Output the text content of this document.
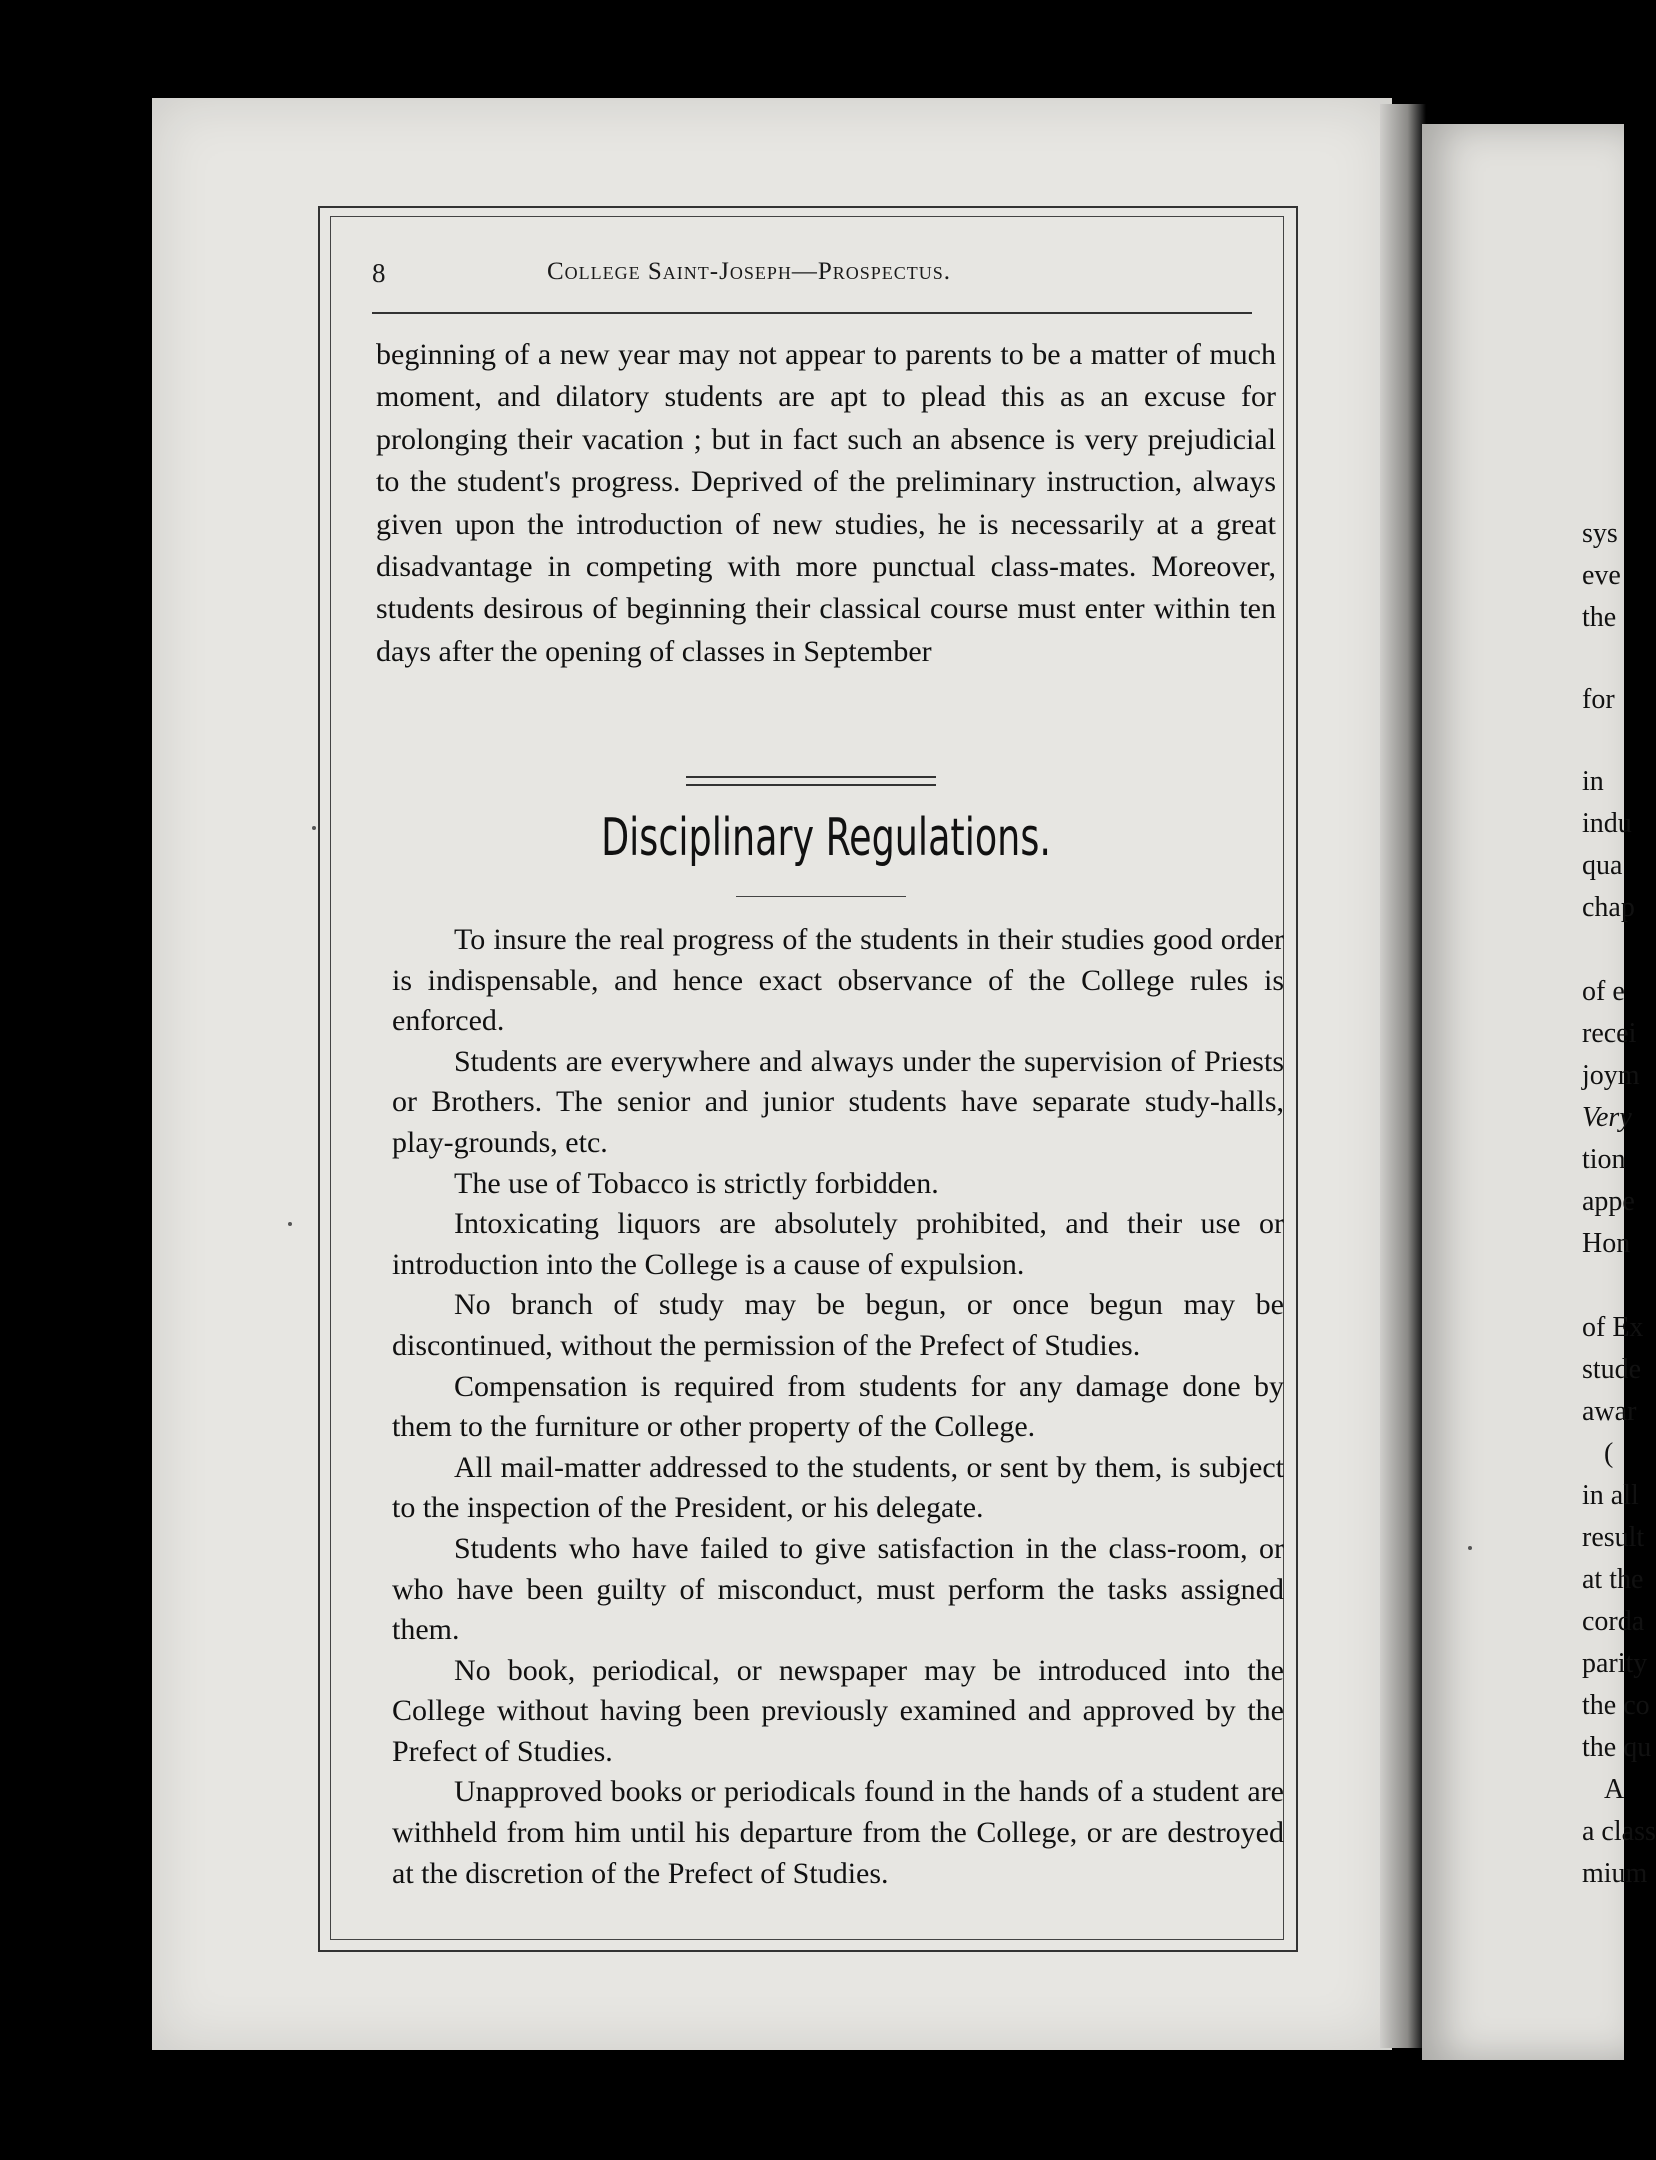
8	College Saint-Joseph—Prospectus.
beginning of a new year may not appear to parents to be a matter of much moment, and dilatory students are apt to plead this as an excuse for prolonging their vacation ; but in fact such an absence is very prejudicial to the student's progress. Deprived of the preliminary instruction, always given upon the introduction of new studies, he is necessarily at a great disadvantage in competing with more punctual class-mates. Moreover, students desirous of beginning their classical course must enter within ten days after the opening of classes in September
Disciplinary Regulations.

To insure the real progress of the students in their studies good order is indispensable, and hence exact observance of the College rules is enforced.

Students are everywhere and always under the supervision of Priests or Brothers. The senior and junior students have separate study-halls, play-grounds, etc.

The use of Tobacco is strictly forbidden.

Intoxicating liquors are absolutely prohibited, and their use or introduction into the College is a cause of expulsion.

No branch of study may be begun, or once begun may be discontinued, without the permission of the Prefect of Studies.

Compensation is required from students for any damage done by them to the furniture or other property of the College.

All mail-matter addressed to the students, or sent by them, is subject to the inspection of the President, or his delegate.

Students who have failed to give satisfaction in the class-room, or who have been guilty of misconduct, must perform the tasks assigned them.

No book, periodical, or newspaper may be introduced into the College without having been previously examined and approved by the Prefect of Studies.

Unapproved books or periodicals found in the hands of a student are withheld from him until his departure from the College, or are destroyed at the discretion of the Prefect of Studies.

sys
eve
the
for
in
indu
qua
chap
of e
recei
joym
Very
tion
appe
Hon
of Ex
stude
awar
(
in all
result
at the
corda
parity
the co
the qu
A
a class
mium
